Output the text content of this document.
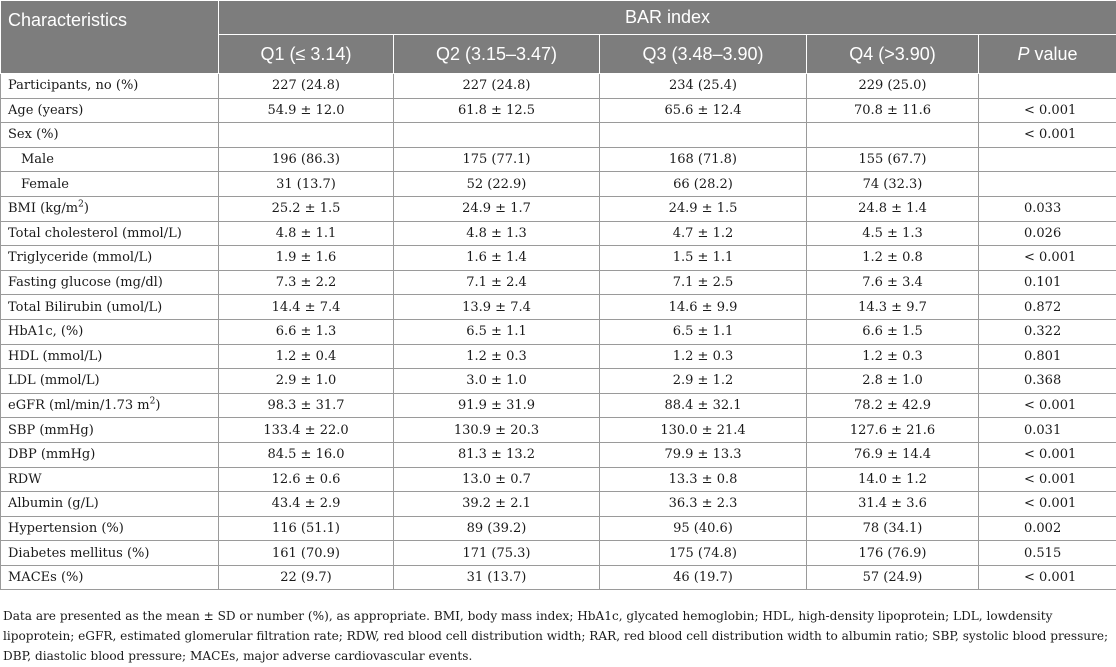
Characteristics	BAR index				
	Q1 (≤ 3.14)	Q2 (3.15–3.47)	Q3 (3.48–3.90)	Q4 (>3.90)	P value
Participants, no (%)	227 (24.8)	227 (24.8)	234 (25.4)	229 (25.0)	
Age (years)	54.9 ± 12.0	61.8 ± 12.5	65.6 ± 12.4	70.8 ± 11.6	< 0.001
Sex (%)					< 0.001
Male	196 (86.3)	175 (77.1)	168 (71.8)	155 (67.7)	
Female	31 (13.7)	52 (22.9)	66 (28.2)	74 (32.3)	
BMI $(kg/m^2)$	25.2 ± 1.5	24.9 ± 1.7	24.9 ± 1.5	24.8 ± 1.4	0.033
Total cholesterol (mmol/L)	4.8 ± 1.1	4.8 ± 1.3	4.7 ± 1.2	4.5 ± 1.3	0.026
Triglyceride (mmol/L)	1.9 ± 1.6	1.6 ± 1.4	1.5 ± 1.1	1.2 ± 0.8	< 0.001
Fasting glucose (mg/dl)	7.3 ± 2.2	7.1 ± 2.4	7.1 ± 2.5	7.6 ± 3.4	0.101
Total Bilirubin (umol/L)	14.4 ± 7.4	13.9 ± 7.4	14.6 ± 9.9	14.3 ± 9.7	0.872
HbA1c, (%)	6.6 ± 1.3	6.5 ± 1.1	6.5 ± 1.1	6.6 ± 1.5	0.322
HDL (mmol/L)	1.2 ± 0.4	1.2 ± 0.3	1.2 ± 0.3	1.2 ± 0.3	0.801
LDL (mmol/L)	2.9 ± 1.0	3.0 ± 1.0	2.9 ± 1.2	2.8 ± 1.0	0.368
eGFR (ml/min/1.73 $m^2$)	98.3 ± 31.7	91.9 ± 31.9	88.4 ± 32.1	78.2 ± 42.9	< 0.001
SBP (mmHg)	133.4 ± 22.0	130.9 ± 20.3	130.0 ± 21.4	127.6 ± 21.6	0.031
DBP (mmHg)	84.5 ± 16.0	81.3 ± 13.2	79.9 ± 13.3	76.9 ± 14.4	< 0.001
RDW	12.6 ± 0.6	13.0 ± 0.7	13.3 ± 0.8	14.0 ± 1.2	< 0.001
Albumin (g/L)	43.4 ± 2.9	39.2 ± 2.1	36.3 ± 2.3	31.4 ± 3.6	< 0.001
Hypertension (%)	116 (51.1)	89 (39.2)	95 (40.6)	78 (34.1)	0.002
Diabetes mellitus (%)	161 (70.9)	171 (75.3)	175 (74.8)	176 (76.9)	0.515
MACEs (%)	22 (9.7)	31 (13.7)	46 (19.7)	57 (24.9)	< 0.001
Data are presented as the mean ± SD or number (%), as appropriate. BMI, body mass index; HbA1c, glycated hemoglobin; HDL, high-density lipoprotein; LDL, lowdensity lipoprotein; eGFR, estimated glomerular filtration rate; RDW, red blood cell distribution width; RAR, red blood cell distribution width to albumin ratio; SBP, systolic blood pressure; DBP, diastolic blood pressure; MACEs, major adverse cardiovascular events.
